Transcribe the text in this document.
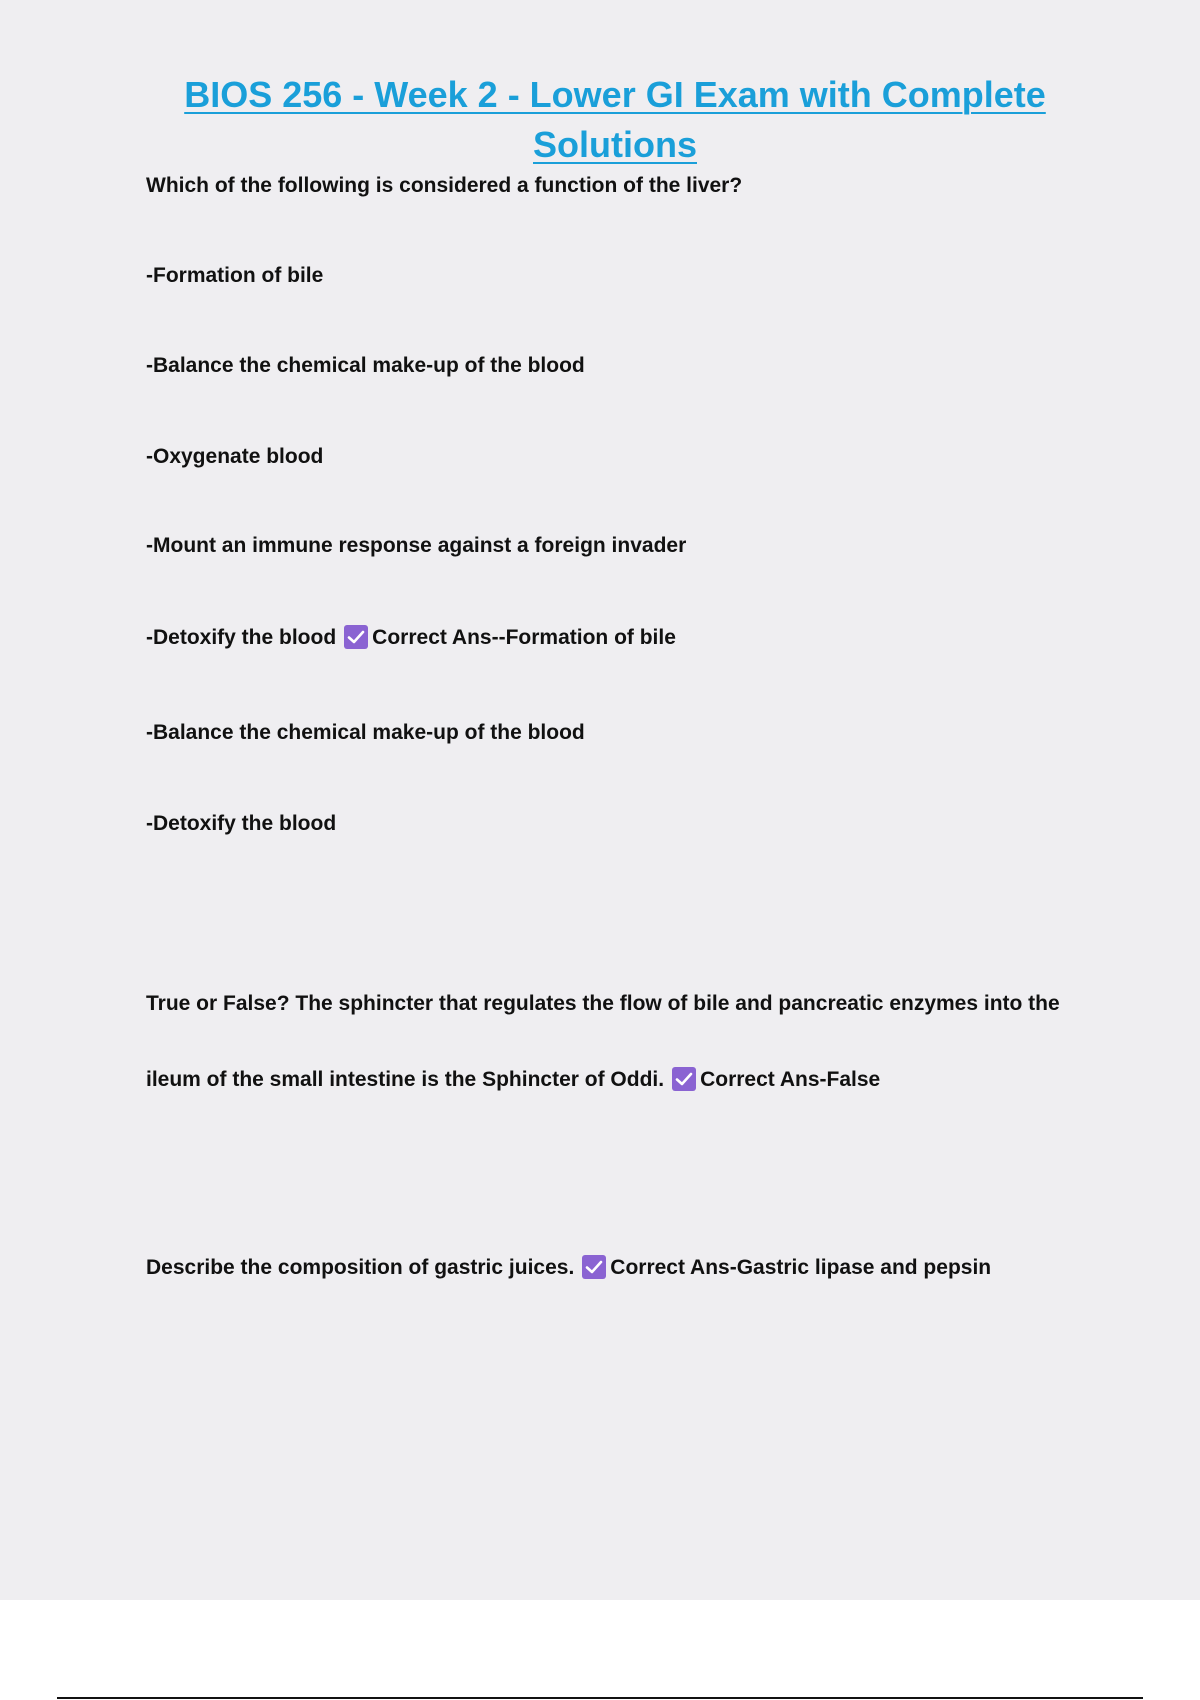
BIOS 256 - Week 2 - Lower GI Exam with Complete Solutions

Which of the following is considered a function of the liver?

-Formation of bile

-Balance the chemical make-up of the blood

-Oxygenate blood

-Mount an immune response against a foreign invader

-Detoxify the blood Correct Ans--Formation of bile

-Balance the chemical make-up of the blood

-Detoxify the blood

True or False? The sphincter that regulates the flow of bile and pancreatic enzymes into the

ileum of the small intestine is the Sphincter of Oddi. Correct Ans-False

Describe the composition of gastric juices. Correct Ans-Gastric lipase and pepsin
